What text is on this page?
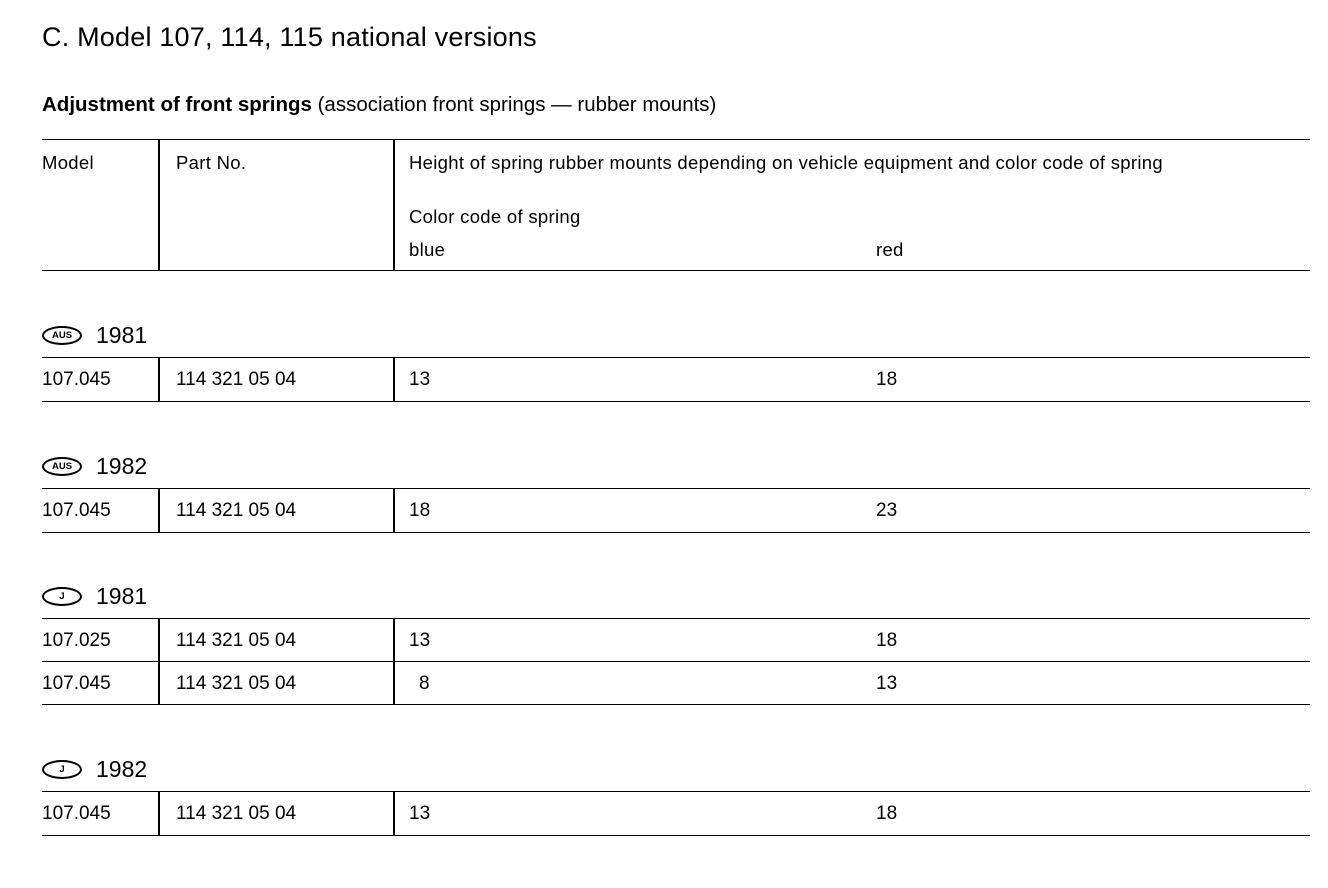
C. Model 107, 114, 115 national versions
Adjustment of front springs (association front springs — rubber mounts)
Model	Part No.	Height of spring rubber mounts depending on vehicle equipment and color code of spring
Color code of spring
blue	red
AUS	1981
107.045	114 321 05 04	13	18
AUS	1982
107.045	114 321 05 04	18	23
J	1981
107.025	114 321 05 04	13	18
107.045	114 321 05 04	8	13
J	1982
107.045	114 321 05 04	13	18
